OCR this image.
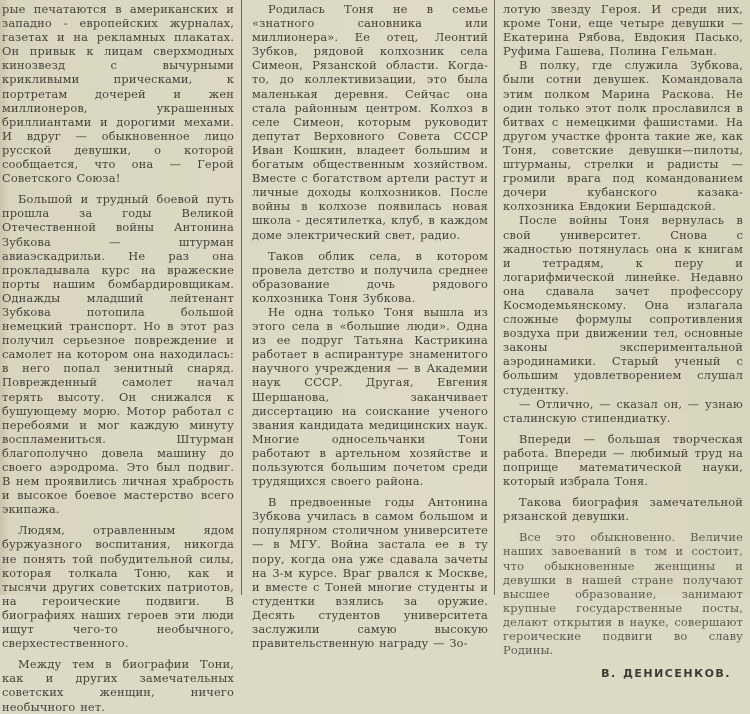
рые печатаются в американских и западно - европейских журналах, газетах и на рекламных плакатах. Он привык к лицам сверхмодных кинозвезд с вычурными крикливыми прическами, к портретам дочерей и жен миллионеров, украшенных бриллиантами и дорогими мехами. И вдруг — обыкновенное лицо русской девушки, о которой сообщается, что она — Герой Советского Союза!

Большой и трудный боевой путь прошла за годы Великой Отечественной войны Антонина Зубкова — штурман авиаэскадрильи. Не раз она прокладывала курс на вражеские порты нашим бомбардировщикам. Однажды младший лейтенант Зубкова потопила большой немецкий транспорт. Но в этот раз получил серьезное повреждение и самолет на котором она находилась: в него попал зенитный снаряд. Поврежденный самолет начал терять высоту. Он снижался к бушующему морю. Мотор работал с перебоями и мог каждую минуту воспламениться. Штурман благополучно довела машину до своего аэродрома. Это был подвиг. В нем проявились личная храбрость и высокое боевое мастерство всего экипажа.

Людям, отравленным ядом буржуазного воспитания, никогда не понять той побудительной силы, которая толкала Тоню, как и тысячи других советских патриотов, на героические подвиги. В биографиях наших героев эти люди ищут чего-то необычного, сверхестественного.

Между тем в биографии Тони, как и других замечательных советских женщин, ничего необычного нет.

Родилась Тоня не в семье «знатного сановника или миллионера». Ее отец, Леонтий Зубков, рядовой колхозник села Симеон, Рязанской области. Когда-то, до коллективизации, это была маленькая деревня. Сейчас она стала районным центром. Колхоз в селе Симеон, которым руководит депутат Верховного Совета СССР Иван Кошкин, владеет большим и богатым общественным хозяйством. Вместе с богатством артели растут и личные доходы колхозников. После войны в колхозе появилась новая школа - десятилетка, клуб, в каждом доме электрический свет, радио.

Таков облик села, в котором провела детство и получила среднее образование дочь рядового колхозника Тоня Зубкова.

Не одна только Тоня вышла из этого села в «большие люди». Одна из ее подруг Татьяна Кастрикина работает в аспирантуре знаменитого научного учреждения — в Академии наук СССР. Другая, Евгения Шершанова, заканчивает диссертацию на соискание ученого звания кандидата медицинских наук. Многие односельчанки Тони работают в артельном хозяйстве и пользуются большим почетом среди трудящихся своего района.

В предвоенные годы Антонина Зубкова училась в самом большом и популярном столичном университете — в МГУ. Война застала ее в ту пору, когда она уже сдавала зачеты на 3-м курсе. Враг рвался к Москве, и вместе с Тоней многие студенты и студентки взялись за оружие. Десять студентов университета заслужили самую высокую правительственную награду — Зо-

лотую звезду Героя. И среди них, кроме Тони, еще четыре девушки — Екатерина Рябова, Евдокия Пасько, Руфима Гашева, Полина Гельман.

В полку, где служила Зубкова, были сотни девушек. Командовала этим полком Марина Раскова. Не один только этот полк прославился в битвах с немецкими фашистами. На другом участке фронта такие же, как Тоня, советские девушки—пилоты, штурманы, стрелки и радисты — громили врага под командованием дочери кубанского казака-колхозника Евдокии Бершадской.

После войны Тоня вернулась в свой университет. Снова с жадностью потянулась она к книгам и тетрадям, к перу и логарифмической линейке. Недавно она сдавала зачет профессору Космодемьянскому. Она излагала сложные формулы сопротивления воздуха при движении тел, основные законы экспериментальной аэродинамики. Старый ученый с большим удовлетворением слушал студентку.

— Отлично, — сказал он, — узнаю сталинскую стипендиатку.

Впереди — большая творческая работа. Впереди — любимый труд на поприще математической науки, который избрала Тоня.

Такова биография замечательной рязанской девушки.

Все это обыкновенно. Величие наших завоеваний в том и состоит, что обыкновенные женщины и девушки в нашей стране получают высшее образование, занимают крупные государственные посты, делают открытия в науке, совершают героические подвиги во славу Родины.

В. ДЕНИСЕНКОВ.
